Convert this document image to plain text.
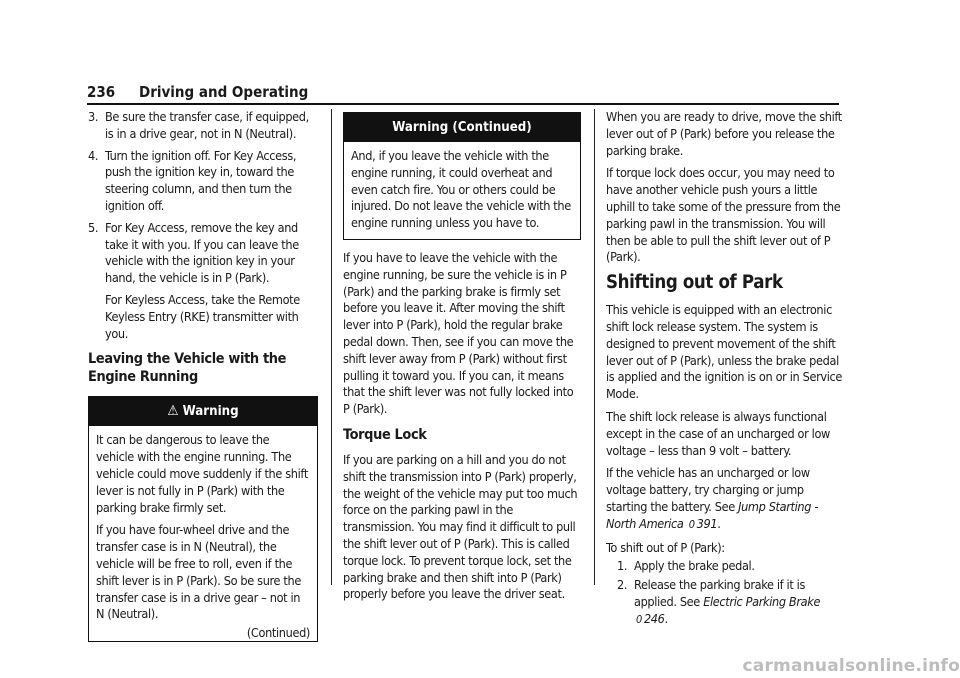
236 Driving and Operating
3. Be sure the transfer case, if equipped, is in a drive gear, not in N (Neutral).
4. Turn the ignition off. For Key Access, push the ignition key in, toward the steering column, and then turn the ignition off.
5. For Key Access, remove the key and take it with you. If you can leave the vehicle with the ignition key in your hand, the vehicle is in P (Park).
For Keyless Access, take the Remote Keyless Entry (RKE) transmitter with you.
Leaving the Vehicle with the Engine Running
⚠ Warning

It can be dangerous to leave the vehicle with the engine running. The vehicle could move suddenly if the shift lever is not fully in P (Park) with the parking brake firmly set.

If you have four-wheel drive and the transfer case is in N (Neutral), the vehicle will be free to roll, even if the shift lever is in P (Park). So be sure the transfer case is in a drive gear – not in N (Neutral).

(Continued)
Warning (Continued)

And, if you leave the vehicle with the engine running, it could overheat and even catch fire. You or others could be injured. Do not leave the vehicle with the engine running unless you have to.

If you have to leave the vehicle with the engine running, be sure the vehicle is in P (Park) and the parking brake is firmly set before you leave it. After moving the shift lever into P (Park), hold the regular brake pedal down. Then, see if you can move the shift lever away from P (Park) without first pulling it toward you. If you can, it means that the shift lever was not fully locked into P (Park).

Torque Lock

If you are parking on a hill and you do not shift the transmission into P (Park) properly, the weight of the vehicle may put too much force on the parking pawl in the transmission. You may find it difficult to pull the shift lever out of P (Park). This is called torque lock. To prevent torque lock, set the parking brake and then shift into P (Park) properly before you leave the driver seat.

When you are ready to drive, move the shift lever out of P (Park) before you release the parking brake.

If torque lock does occur, you may need to have another vehicle push yours a little uphill to take some of the pressure from the parking pawl in the transmission. You will then be able to pull the shift lever out of P (Park).

Shifting out of Park

This vehicle is equipped with an electronic shift lock release system. The system is designed to prevent movement of the shift lever out of P (Park), unless the brake pedal is applied and the ignition is on or in Service Mode.

The shift lock release is always functional except in the case of an uncharged or low voltage – less than 9 volt – battery.

If the vehicle has an uncharged or low voltage battery, try charging or jump starting the battery. See Jump Starting - North America 0 391.

To shift out of P (Park):

1. Apply the brake pedal.
2. Release the parking brake if it is applied. See Electric Parking Brake 0 246.
carmanualsonline.info
